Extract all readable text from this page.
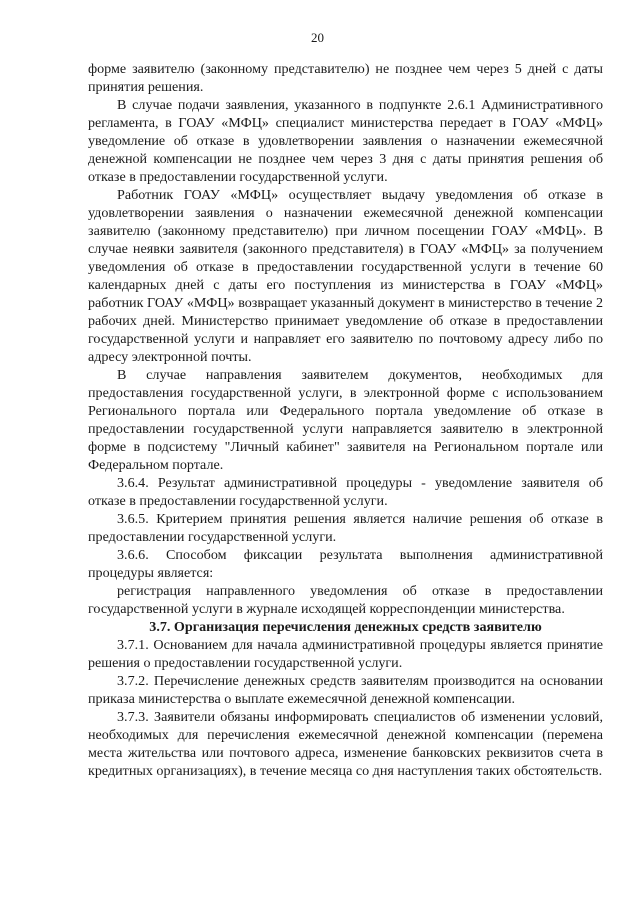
20

форме заявителю (законному представителю) не позднее чем через 5 дней с даты принятия решения.

В случае подачи заявления, указанного в подпункте 2.6.1 Административного регламента, в ГОАУ «МФЦ» специалист министерства передает в ГОАУ «МФЦ» уведомление об отказе в удовлетворении заявления о назначении ежемесячной денежной компенсации не позднее чем через 3 дня с даты принятия решения об отказе в предоставлении государственной услуги.

Работник ГОАУ «МФЦ» осуществляет выдачу уведомления об отказе в удовлетворении заявления о назначении ежемесячной денежной компенсации заявителю (законному представителю) при личном посещении ГОАУ «МФЦ». В случае неявки заявителя (законного представителя) в ГОАУ «МФЦ» за получением уведомления об отказе в предоставлении государственной услуги в течение 60 календарных дней с даты его поступления из министерства в ГОАУ «МФЦ» работник ГОАУ «МФЦ» возвращает указанный документ в министерство в течение 2 рабочих дней. Министерство принимает уведомление об отказе в предоставлении государственной услуги и направляет его заявителю по почтовому адресу либо по адресу электронной почты.

В случае направления заявителем документов, необходимых для предоставления государственной услуги, в электронной форме с использованием Регионального портала или Федерального портала уведомление об отказе в предоставлении государственной услуги направляется заявителю в электронной форме в подсистему "Личный кабинет" заявителя на Региональном портале или Федеральном портале.

3.6.4. Результат административной процедуры - уведомление заявителя об отказе в предоставлении государственной услуги.

3.6.5. Критерием принятия решения является наличие решения об отказе в предоставлении государственной услуги.

3.6.6. Способом фиксации результата выполнения административной процедуры является:

регистрация направленного уведомления об отказе в предоставлении государственной услуги в журнале исходящей корреспонденции министерства.

3.7. Организация перечисления денежных средств заявителю

3.7.1. Основанием для начала административной процедуры является принятие решения о предоставлении государственной услуги.

3.7.2. Перечисление денежных средств заявителям производится на основании приказа министерства о выплате ежемесячной денежной компенсации.

3.7.3. Заявители обязаны информировать специалистов об изменении условий, необходимых для перечисления ежемесячной денежной компенсации (перемена места жительства или почтового адреса, изменение банковских реквизитов счета в кредитных организациях), в течение месяца со дня наступления таких обстоятельств.
